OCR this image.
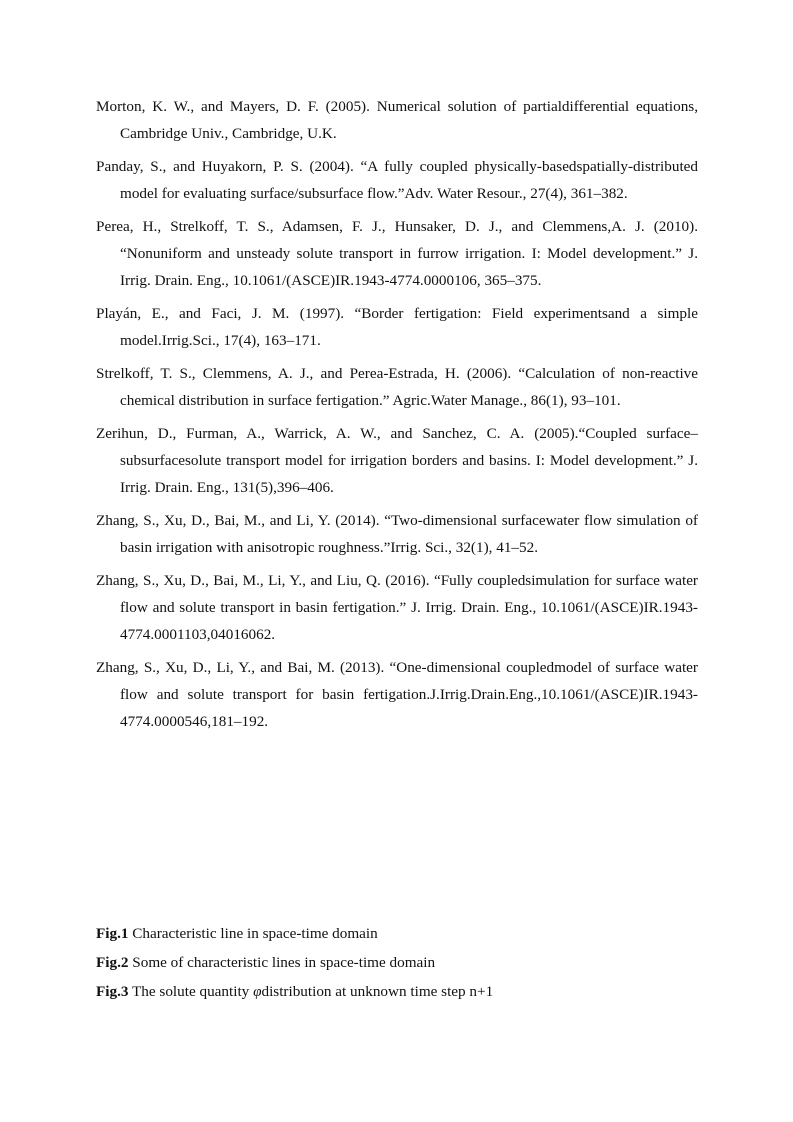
Morton, K. W., and Mayers, D. F. (2005). Numerical solution of partialdifferential equations, Cambridge Univ., Cambridge, U.K.
Panday, S., and Huyakorn, P. S. (2004). “A fully coupled physically-basedspatially-distributed model for evaluating surface/subsurface flow.”Adv. Water Resour., 27(4), 361–382.
Perea, H., Strelkoff, T. S., Adamsen, F. J., Hunsaker, D. J., and Clemmens,A. J. (2010). “Nonuniform and unsteady solute transport in furrow irrigation. I: Model development.” J. Irrig. Drain. Eng., 10.1061/(ASCE)IR.1943-4774.0000106, 365–375.
Playán, E., and Faci, J. M. (1997). “Border fertigation: Field experimentsand a simple model.Irrig.Sci., 17(4), 163–171.
Strelkoff, T. S., Clemmens, A. J., and Perea-Estrada, H. (2006). “Calculation of non-reactive chemical distribution in surface fertigation.” Agric.Water Manage., 86(1), 93–101.
Zerihun, D., Furman, A., Warrick, A. W., and Sanchez, C. A. (2005).“Coupled surface–subsurfacesolute transport model for irrigation borders and basins. I: Model development.” J. Irrig. Drain. Eng., 131(5),396–406.
Zhang, S., Xu, D., Bai, M., and Li, Y. (2014). “Two-dimensional surfacewater flow simulation of basin irrigation with anisotropic roughness.”Irrig. Sci., 32(1), 41–52.
Zhang, S., Xu, D., Bai, M., Li, Y., and Liu, Q. (2016). “Fully coupledsimulation for surface water flow and solute transport in basin fertigation.” J. Irrig. Drain. Eng., 10.1061/(ASCE)IR.1943-4774.0001103,04016062.
Zhang, S., Xu, D., Li, Y., and Bai, M. (2013). “One-dimensional coupledmodel of surface water flow and solute transport for basin fertigation.J.Irrig.Drain.Eng.,10.1061/(ASCE)IR.1943-4774.0000546,181–192.
Fig.1 Characteristic line in space-time domain
Fig.2 Some of characteristic lines in space-time domain
Fig.3 The solute quantity φdistribution at unknown time step n+1
